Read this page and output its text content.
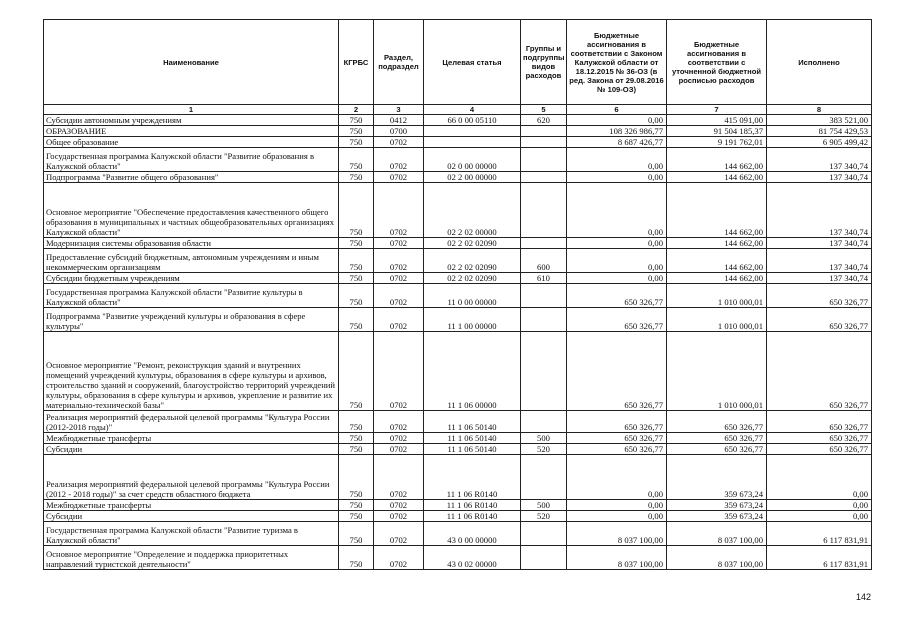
Наименование	КГРБС	Раздел, подраздел	Целевая статья	Группы и подгруппы видов расходов	Бюджетные ассигнования в соответствии с Законом Калужской области от 18.12.2015 № 36-ОЗ (в ред. Закона от 29.08.2016 № 109-ОЗ)	Бюджетные ассигнования в соответствии с уточненной бюджетной росписью расходов	Исполнено
1	2	3	4	5	6	7	8
Субсидии автономным учреждениям	750	0412	66 0 00 05110	620	0,00	415 091,00	383 521,00
ОБРАЗОВАНИЕ	750	0700			108 326 986,77	91 504 185,37	81 754 429,53
Общее образование	750	0702			8 687 426,77	9 191 762,01	6 905 499,42
Государственная программа Калужской области "Развитие образования в Калужской области"	750	0702	02 0 00 00000		0,00	144 662,00	137 340,74
Подпрограмма "Развитие общего образования"	750	0702	02 2 00 00000		0,00	144 662,00	137 340,74
Основное мероприятие "Обеспечение предоставления качественного общего образования в муниципальных и частных общеобразовательных организациях Калужской области"	750	0702	02 2 02 00000		0,00	144 662,00	137 340,74
Модернизация системы образования области	750	0702	02 2 02 02090		0,00	144 662,00	137 340,74
Предоставление субсидий бюджетным, автономным учреждениям и иным некоммерческим организациям	750	0702	02 2 02 02090	600	0,00	144 662,00	137 340,74
Субсидии бюджетным учреждениям	750	0702	02 2 02 02090	610	0,00	144 662,00	137 340,74
Государственная программа Калужской области "Развитие культуры в Калужской области"	750	0702	11 0 00 00000		650 326,77	1 010 000,01	650 326,77
Подпрограмма "Развитие учреждений культуры и образования в сфере культуры"	750	0702	11 1 00 00000		650 326,77	1 010 000,01	650 326,77
Основное мероприятие "Ремонт, реконструкция зданий и внутренних помещений учреждений культуры, образования в сфере культуры и архивов, строительство зданий и сооружений, благоустройство территорий учреждений культуры, образования в сфере культуры и архивов, укрепление и развитие их материально-технической базы"	750	0702	11 1 06 00000		650 326,77	1 010 000,01	650 326,77
Реализация мероприятий федеральной целевой программы "Культура России (2012-2018 годы)"	750	0702	11 1 06 50140		650 326,77	650 326,77	650 326,77
Межбюджетные трансферты	750	0702	11 1 06 50140	500	650 326,77	650 326,77	650 326,77
Субсидии	750	0702	11 1 06 50140	520	650 326,77	650 326,77	650 326,77
Реализация мероприятий федеральной целевой программы "Культура России (2012 - 2018 годы)" за счет средств областного бюджета	750	0702	11 1 06 R0140		0,00	359 673,24	0,00
Межбюджетные трансферты	750	0702	11 1 06 R0140	500	0,00	359 673,24	0,00
Субсидии	750	0702	11 1 06 R0140	520	0,00	359 673,24	0,00
Государственная программа Калужской области "Развитие туризма в Калужской области"	750	0702	43 0 00 00000		8 037 100,00	8 037 100,00	6 117 831,91
Основное мероприятие "Определение и поддержка приоритетных направлений туристской деятельности"	750	0702	43 0 02 00000		8 037 100,00	8 037 100,00	6 117 831,91
142
